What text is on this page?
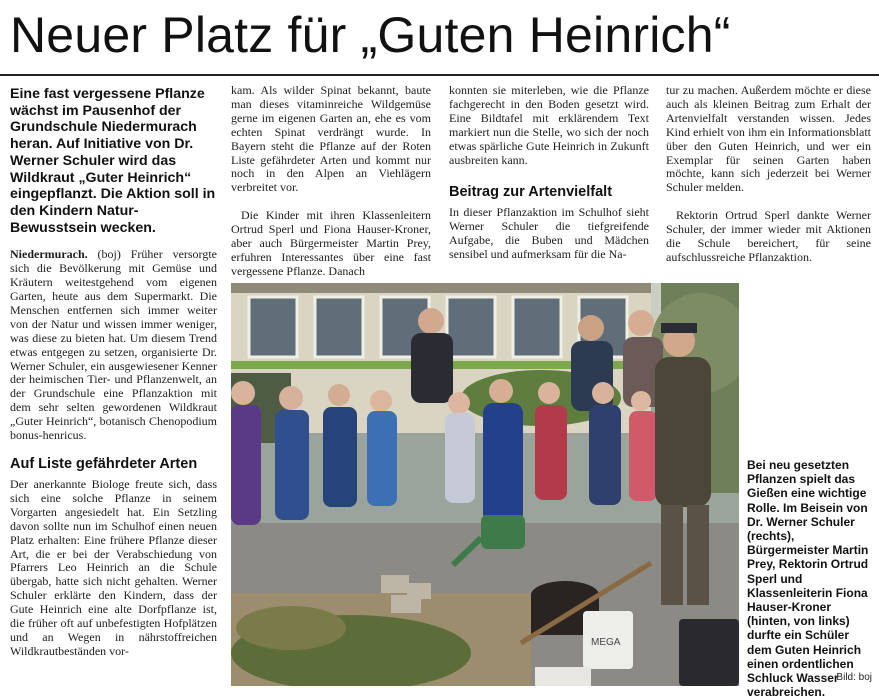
Neuer Platz für „Guten Heinrich“

Eine fast vergessene Pflanze wächst im Pausenhof der Grundschule Niedermurach heran. Auf Initiative von Dr. Werner Schuler wird das Wildkraut „Guter Heinrich“ eingepflanzt. Die Aktion soll in den Kindern Natur-Bewusstsein wecken.

Niedermurach. (boj) Früher versorgte sich die Bevölkerung mit Gemüse und Kräutern weitestgehend vom eigenen Garten, heute aus dem Supermarkt. Die Menschen entfernen sich immer weiter von der Natur und wissen immer weniger, was diese zu bieten hat. Um diesem Trend etwas entgegen zu setzen, organisierte Dr. Werner Schuler, ein ausgewiesener Kenner der heimischen Tier- und Pflanzenwelt, an der Grundschule eine Pflanzaktion mit dem sehr selten gewordenen Wildkraut „Guter Heinrich“, botanisch Chenopodium bonus-henricus.

Auf Liste gefährdeter Arten

Der anerkannte Biologe freute sich, dass sich eine solche Pflanze in seinem Vorgarten angesiedelt hat. Ein Setzling davon sollte nun im Schulhof einen neuen Platz erhalten: Eine frühere Pflanze dieser Art, die er bei der Verabschiedung von Pfarrers Leo Heinrich an die Schule übergab, hatte sich nicht gehalten. Werner Schuler erklärte den Kindern, dass der Gute Heinrich eine alte Dorfpflanze ist, die früher oft auf unbefestigten Hofplätzen und an Wegen in nährstoffreichen Wildkrautbeständen vor-

kam. Als wilder Spinat bekannt, baute man dieses vitaminreiche Wildgemüse gerne im eigenen Garten an, ehe es vom echten Spinat verdrängt wurde. In Bayern steht die Pflanze auf der Roten Liste gefährdeter Arten und kommt nur noch in den Alpen an Viehlägern verbreitet vor.

Die Kinder mit ihren Klassenleitern Ortrud Sperl und Fiona Hauser-Kroner, aber auch Bürgermeister Martin Prey, erfuhren Interessantes über eine fast vergessene Pflanze. Danach

konnten sie miterleben, wie die Pflanze fachgerecht in den Boden gesetzt wird. Eine Bildtafel mit erklärendem Text markiert nun die Stelle, wo sich der noch etwas spärliche Gute Heinrich in Zukunft ausbreiten kann.

Beitrag zur Artenvielfalt

In dieser Pflanzaktion im Schulhof sieht Werner Schuler die tiefgreifende Aufgabe, die Buben und Mädchen sensibel und aufmerksam für die Na-

tur zu machen. Außerdem möchte er diese auch als kleinen Beitrag zum Erhalt der Artenvielfalt verstanden wissen. Jedes Kind erhielt von ihm ein Informationsblatt über den Guten Heinrich, und wer ein Exemplar für seinen Garten haben möchte, kann sich jederzeit bei Werner Schuler melden.

Rektorin Ortrud Sperl dankte Werner Schuler, der immer wieder mit Aktionen die Schule bereichert, für seine aufschlussreiche Pflanzaktion.

MEGA
Bei neu gesetzten Pflanzen spielt das Gießen eine wichtige Rolle. Im Beisein von Dr. Werner Schuler (rechts), Bürgermeister Martin Prey, Rektorin Ortrud Sperl und Klassenleiterin Fiona Hauser-Kroner (hinten, von links) durfte ein Schüler dem Guten Heinrich einen ordentlichen Schluck Wasser verabreichen.
Bild: boj
